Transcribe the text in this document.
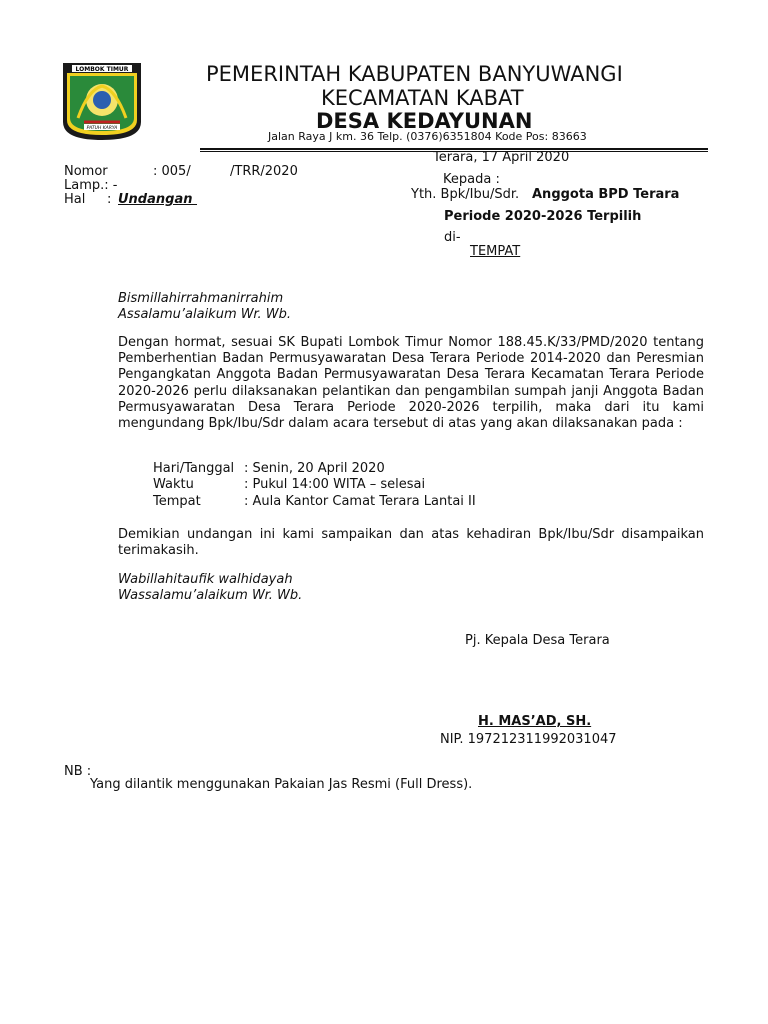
LOMBOK TIMUR
PATUH KARYA
PEMERINTAH KABUPATEN BANYUWANGI
KECAMATAN KABAT
DESA KEDAYUNAN
Jalan Raya J km. 36 Telp. (0376)6351804 Kode Pos: 83663
Terara, 17 April 2020
Nomor	: 005/	/TRR/2020
Lamp.: -
Hal : Undangan
Kepada :
Yth. Bpk/Ibu/Sdr. Anggota BPD Terara
Periode 2020-2026 Terpilih
di-
TEMPAT
Bismillahirrahmanirrahim
Assalamu’alaikum Wr. Wb.
Dengan hormat, sesuai SK Bupati Lombok Timur Nomor 188.45.K/33/PMD/2020 tentang Pemberhentian Badan Permusyawaratan Desa Terara Periode 2014-2020 dan Peresmian Pengangkatan Anggota Badan Permusyawaratan Desa Terara Kecamatan Terara Periode 2020-2026 perlu dilaksanakan pelantikan dan pengambilan sumpah janji Anggota Badan Permusyawaratan Desa Terara Periode 2020-2026 terpilih, maka dari itu kami mengundang Bpk/Ibu/Sdr dalam acara tersebut di atas yang akan dilaksanakan pada :
Hari/Tanggal : Senin, 20 April 2020
Waktu	: Pukul 14:00 WITA – selesai
Tempat	: Aula Kantor Camat Terara Lantai II
Demikian undangan ini kami sampaikan dan atas kehadiran Bpk/Ibu/Sdr disampaikan terimakasih.
Wabillahitaufik walhidayah
Wassalamu’alaikum Wr. Wb.
Pj. Kepala Desa Terara
H. MAS’AD, SH.
NIP. 197212311992031047
NB :
Yang dilantik menggunakan Pakaian Jas Resmi (Full Dress).
